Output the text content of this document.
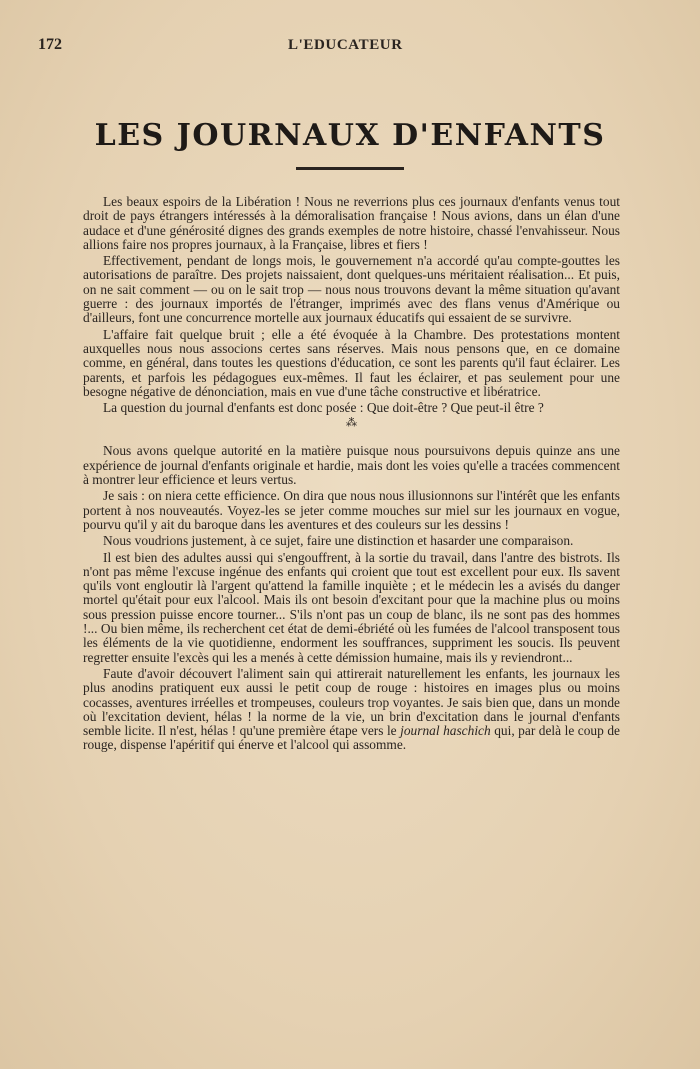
172	L'EDUCATEUR
LES JOURNAUX D'ENFANTS

Les beaux espoirs de la Libération ! Nous ne reverrions plus ces journaux d'enfants venus tout droit de pays étrangers intéressés à la démoralisation française ! Nous avions, dans un élan d'une audace et d'une générosité dignes des grands exemples de notre histoire, chassé l'envahisseur. Nous allions faire nos propres journaux, à la Française, libres et fiers !

Effectivement, pendant de longs mois, le gouvernement n'a accordé qu'au compte-gouttes les autorisations de paraître. Des projets naissaient, dont quelques-uns méritaient réalisation... Et puis, on ne sait comment — ou on le sait trop — nous nous trouvons devant la même situation qu'avant guerre : des journaux importés de l'étranger, imprimés avec des flans venus d'Amérique ou d'ailleurs, font une concurrence mortelle aux journaux éducatifs qui essaient de se survivre.

L'affaire fait quelque bruit ; elle a été évoquée à la Chambre. Des protestations montent auxquelles nous nous associons certes sans réserves. Mais nous pensons que, en ce domaine comme, en général, dans toutes les questions d'éducation, ce sont les parents qu'il faut éclairer. Les parents, et parfois les pédagogues eux-mêmes. Il faut les éclairer, et pas seulement pour une besogne négative de dénonciation, mais en vue d'une tâche constructive et libératrice.

La question du journal d'enfants est donc posée : Que doit-être ? Que peut-il être ?

⁂

Nous avons quelque autorité en la matière puisque nous poursuivons depuis quinze ans une expérience de journal d'enfants originale et hardie, mais dont les voies qu'elle a tracées commencent à montrer leur efficience et leurs vertus.

Je sais : on niera cette efficience. On dira que nous nous illusionnons sur l'intérêt que les enfants portent à nos nouveautés. Voyez-les se jeter comme mouches sur miel sur les journaux en vogue, pourvu qu'il y ait du baroque dans les aventures et des couleurs sur les dessins !

Nous voudrions justement, à ce sujet, faire une distinction et hasarder une comparaison.

Il est bien des adultes aussi qui s'engouffrent, à la sortie du travail, dans l'antre des bistrots. Ils n'ont pas même l'excuse ingénue des enfants qui croient que tout est excellent pour eux. Ils savent qu'ils vont engloutir là l'argent qu'attend la famille inquiète ; et le médecin les a avisés du danger mortel qu'était pour eux l'alcool. Mais ils ont besoin d'excitant pour que la machine plus ou moins sous pression puisse encore tourner... S'ils n'ont pas un coup de blanc, ils ne sont pas des hommes !... Ou bien même, ils recherchent cet état de demi-ébriété où les fumées de l'alcool transposent tous les éléments de la vie quotidienne, endorment les souffrances, suppriment les soucis. Ils peuvent regretter ensuite l'excès qui les a menés à cette démission humaine, mais ils y reviendront...

Faute d'avoir découvert l'aliment sain qui attirerait naturellement les enfants, les journaux les plus anodins pratiquent eux aussi le petit coup de rouge : histoires en images plus ou moins cocasses, aventures irréelles et trompeuses, couleurs trop voyantes. Je sais bien que, dans un monde où l'excitation devient, hélas ! la norme de la vie, un brin d'excitation dans le journal d'enfants semble licite. Il n'est, hélas ! qu'une première étape vers le journal haschich qui, par delà le coup de rouge, dispense l'apéritif qui énerve et l'alcool qui assomme.
